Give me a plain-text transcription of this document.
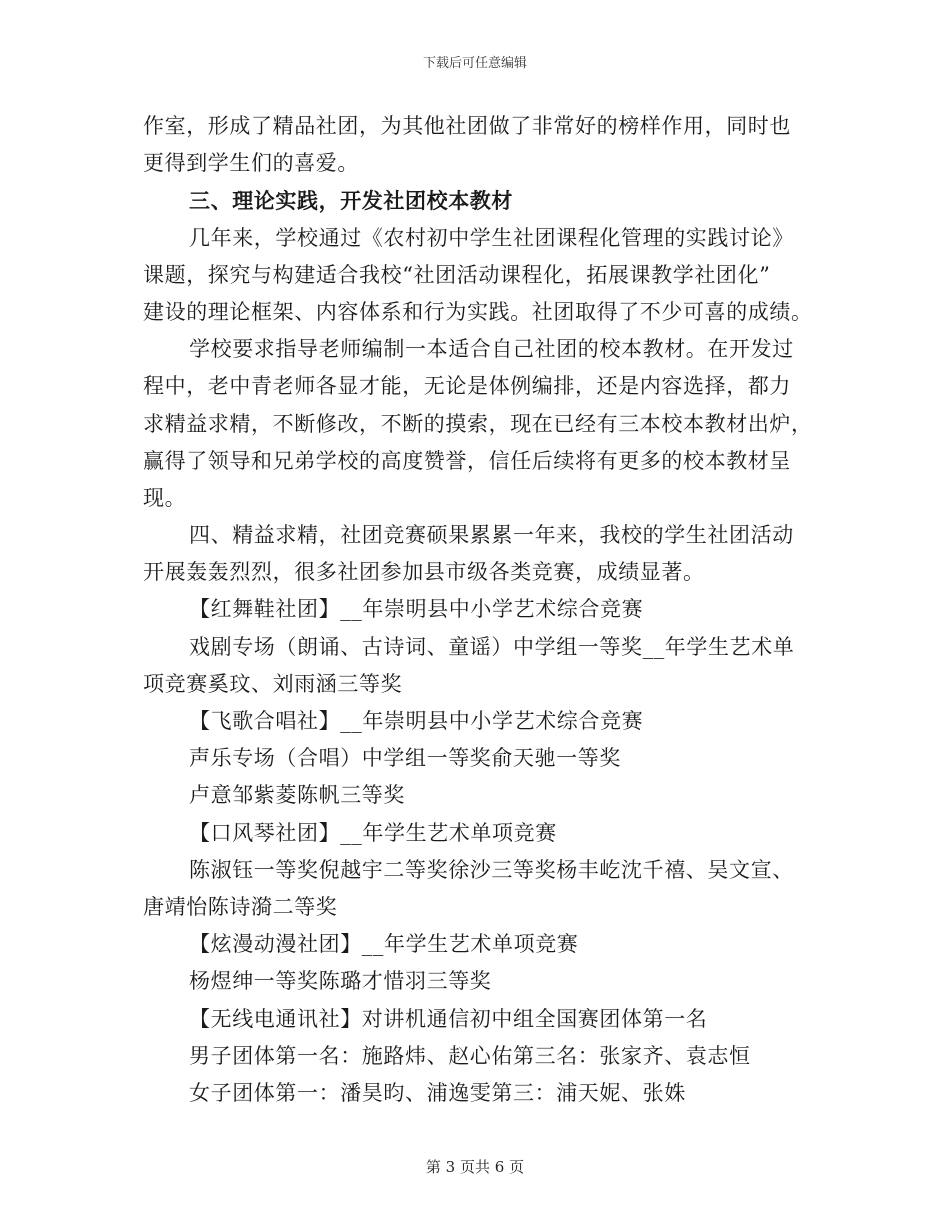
下载后可任意编辑
作室，形成了精品社团，为其他社团做了非常好的榜样作用，同时也
更得到学生们的喜爱。
三、理论实践，开发社团校本教材
几年来，学校通过《农村初中学生社团课程化管理的实践讨论》
课题，探究与构建适合我校“社团活动课程化，拓展课教学社团化”
建设的理论框架、内容体系和行为实践。社团取得了不少可喜的成绩。
学校要求指导老师编制一本适合自己社团的校本教材。在开发过
程中，老中青老师各显才能，无论是体例编排，还是内容选择，都力
求精益求精，不断修改，不断的摸索，现在已经有三本校本教材出炉，
赢得了领导和兄弟学校的高度赞誉，信任后续将有更多的校本教材呈
现。
四、精益求精，社团竞赛硕果累累一年来，我校的学生社团活动
开展轰轰烈烈，很多社团参加县市级各类竞赛，成绩显著。
【红舞鞋社团】__年崇明县中小学艺术综合竞赛
戏剧专场（朗诵、古诗词、童谣）中学组一等奖__年学生艺术单
项竞赛奚玟、刘雨涵三等奖
【飞歌合唱社】__年崇明县中小学艺术综合竞赛
声乐专场（合唱）中学组一等奖俞天驰一等奖
卢意邹紫菱陈帆三等奖
【口风琴社团】__年学生艺术单项竞赛
陈淑钰一等奖倪越宇二等奖徐沙三等奖杨丰屹沈千禧、吴文宣、
唐靖怡陈诗漪二等奖
【炫漫动漫社团】__年学生艺术单项竞赛
杨煜绅一等奖陈璐才惜羽三等奖
【无线电通讯社】对讲机通信初中组全国赛团体第一名
男子团体第一名：施路炜、赵心佑第三名：张家齐、袁志恒
女子团体第一：潘昊昀、浦逸雯第三：浦天妮、张姝
第 3 页共 6 页
